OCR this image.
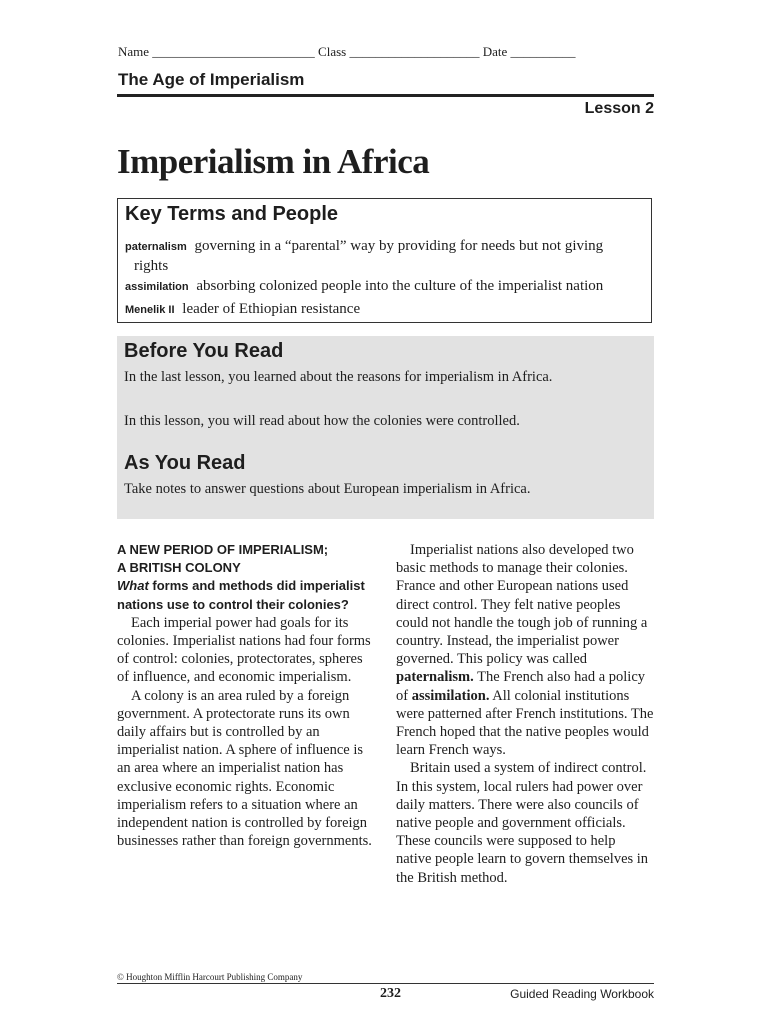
Name _________________________ Class ____________________ Date __________
The Age of Imperialism
Lesson 2
Imperialism in Africa
Key Terms and People
paternalism governing in a “parental” way by providing for needs but not giving
rights
assimilation absorbing colonized people into the culture of the imperialist nation
Menelik II leader of Ethiopian resistance
Before You Read
In the last lesson, you learned about the reasons for imperialism in Africa.
In this lesson, you will read about how the colonies were controlled.
As You Read
Take notes to answer questions about European imperialism in Africa.
A NEW PERIOD OF IMPERIALISM;
A BRITISH COLONY
What forms and methods did imperialist nations use to control their colonies?

Each imperial power had goals for its colonies. Imperialist nations had four forms of control: colonies, protectorates, spheres of influence, and economic imperialism.

A colony is an area ruled by a foreign government. A protectorate runs its own daily affairs but is controlled by an imperialist nation. A sphere of influence is an area where an imperialist nation has exclusive economic rights. Economic imperialism refers to a situation where an independent nation is controlled by foreign businesses rather than foreign governments.

Imperialist nations also developed two basic methods to manage their colonies. France and other European nations used direct control. They felt native peoples could not handle the tough job of running a country. Instead, the imperialist power governed. This policy was called paternalism. The French also had a policy of assimilation. All colonial institutions were patterned after French institutions. The French hoped that the native peoples would learn French ways.

Britain used a system of indirect control. In this system, local rulers had power over daily matters. There were also councils of native people and government officials. These councils were supposed to help native people learn to govern themselves in the British method.

© Houghton Mifflin Harcourt Publishing Company
232	Guided Reading Workbook
